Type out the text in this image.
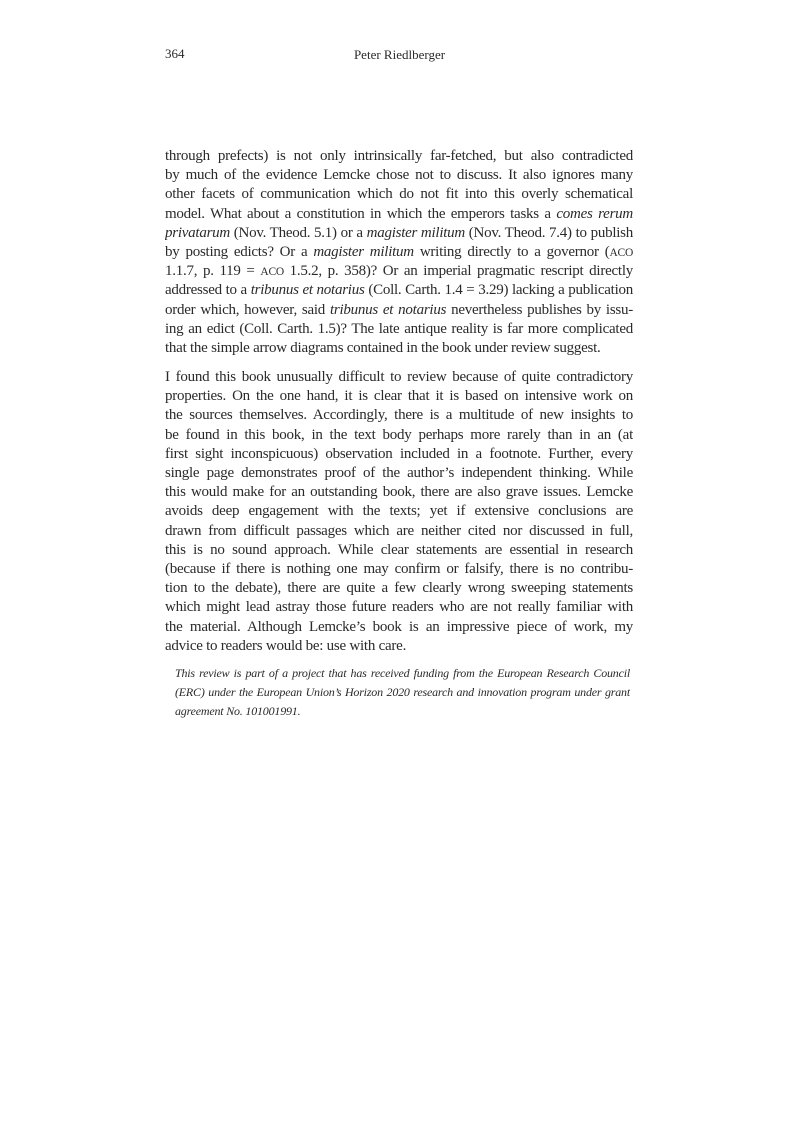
364	Peter Riedlberger
through prefects) is not only intrinsically far-fetched, but also contradicted
by much of the evidence Lemcke chose not to discuss. It also ignores many
other facets of communication which do not fit into this overly schematical
model. What about a constitution in which the emperors tasks a comes rerum
privatarum (Nov. Theod. 5.1) or a magister militum (Nov. Theod. 7.4) to publish
by posting edicts? Or a magister militum writing directly to a governor (ACO
1.1.7, p. 119 = ACO 1.5.2, p. 358)? Or an imperial pragmatic rescript directly
addressed to a tribunus et notarius (Coll. Carth. 1.4 = 3.29) lacking a publication
order which, however, said tribunus et notarius nevertheless publishes by issu-
ing an edict (Coll. Carth. 1.5)? The late antique reality is far more complicated
that the simple arrow diagrams contained in the book under review suggest.
I found this book unusually difficult to review because of quite contradictory
properties. On the one hand, it is clear that it is based on intensive work on
the sources themselves. Accordingly, there is a multitude of new insights to
be found in this book, in the text body perhaps more rarely than in an (at
first sight inconspicuous) observation included in a footnote. Further, every
single page demonstrates proof of the author’s independent thinking. While
this would make for an outstanding book, there are also grave issues. Lemcke
avoids deep engagement with the texts; yet if extensive conclusions are
drawn from difficult passages which are neither cited nor discussed in full,
this is no sound approach. While clear statements are essential in research
(because if there is nothing one may confirm or falsify, there is no contribu-
tion to the debate), there are quite a few clearly wrong sweeping statements
which might lead astray those future readers who are not really familiar with
the material. Although Lemcke’s book is an impressive piece of work, my
advice to readers would be: use with care.
This review is part of a project that has received funding from the European Research Council
(ERC) under the European Union’s Horizon 2020 research and innovation program under grant
agreement No. 101001991.
